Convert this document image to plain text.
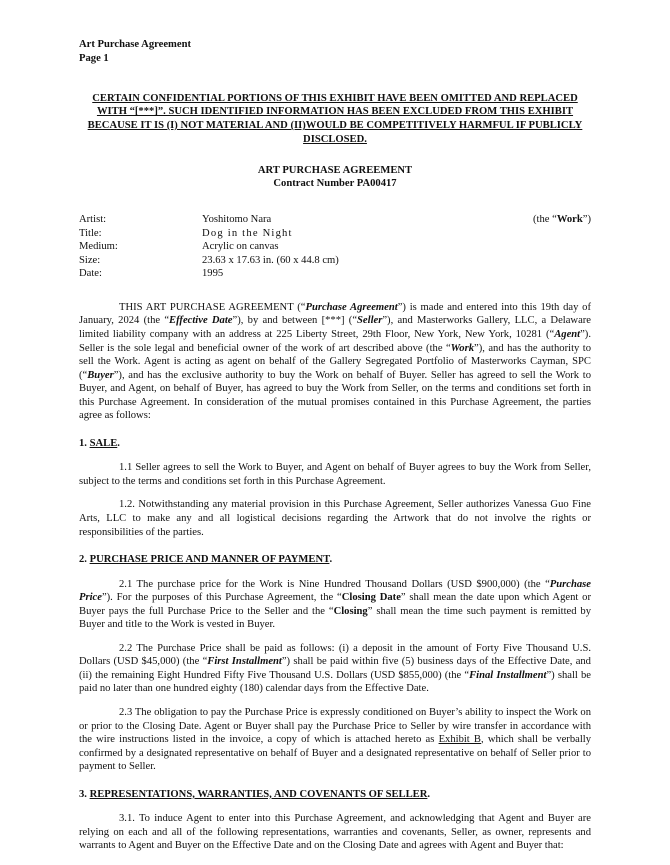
Art Purchase Agreement
Page 1
CERTAIN CONFIDENTIAL PORTIONS OF THIS EXHIBIT HAVE BEEN OMITTED AND REPLACED WITH “[***]”. SUCH IDENTIFIED INFORMATION HAS BEEN EXCLUDED FROM THIS EXHIBIT BECAUSE IT IS (I) NOT MATERIAL AND (II)WOULD BE COMPETITIVELY HARMFUL IF PUBLICLY DISCLOSED.
ART PURCHASE AGREEMENT
Contract Number PA00417
Artist:	Yoshitomo Nara	(the “Work”)
Title:	Dog in the Night	
Medium:	Acrylic on canvas	
Size:	23.63 x 17.63 in. (60 x 44.8 cm)	
Date:	1995	

THIS ART PURCHASE AGREEMENT (“Purchase Agreement”) is made and entered into this 19th day of January, 2024 (the “Effective Date”), by and between [***] (“Seller”), and Masterworks Gallery, LLC, a Delaware limited liability company with an address at 225 Liberty Street, 29th Floor, New York, New York, 10281 (“Agent”). Seller is the sole legal and beneficial owner of the work of art described above (the “Work”), and has the authority to sell the Work. Agent is acting as agent on behalf of the Gallery Segregated Portfolio of Masterworks Cayman, SPC (“Buyer”), and has the exclusive authority to buy the Work on behalf of Buyer. Seller has agreed to sell the Work to Buyer, and Agent, on behalf of Buyer, has agreed to buy the Work from Seller, on the terms and conditions set forth in this Purchase Agreement. In consideration of the mutual promises contained in this Purchase Agreement, the parties agree as follows:

1. SALE.

1.1 Seller agrees to sell the Work to Buyer, and Agent on behalf of Buyer agrees to buy the Work from Seller, subject to the terms and conditions set forth in this Purchase Agreement.

1.2. Notwithstanding any material provision in this Purchase Agreement, Seller authorizes Vanessa Guo Fine Arts, LLC to make any and all logistical decisions regarding the Artwork that do not involve the rights or responsibilities of the parties.

2. PURCHASE PRICE AND MANNER OF PAYMENT.

2.1 The purchase price for the Work is Nine Hundred Thousand Dollars (USD $900,000) (the “Purchase Price”). For the purposes of this Purchase Agreement, the “Closing Date” shall mean the date upon which Agent or Buyer pays the full Purchase Price to the Seller and the “Closing” shall mean the time such payment is remitted by Buyer and title to the Work is vested in Buyer.

2.2 The Purchase Price shall be paid as follows: (i) a deposit in the amount of Forty Five Thousand U.S. Dollars (USD $45,000) (the “First Installment”) shall be paid within five (5) business days of the Effective Date, and (ii) the remaining Eight Hundred Fifty Five Thousand U.S. Dollars (USD $855,000) (the “Final Installment”) shall be paid no later than one hundred eighty (180) calendar days from the Effective Date.

2.3 The obligation to pay the Purchase Price is expressly conditioned on Buyer’s ability to inspect the Work on or prior to the Closing Date. Agent or Buyer shall pay the Purchase Price to Seller by wire transfer in accordance with the wire instructions listed in the invoice, a copy of which is attached hereto as Exhibit B, which shall be verbally confirmed by a designated representative on behalf of Buyer and a designated representative on behalf of Seller prior to payment to Seller.

3. REPRESENTATIONS, WARRANTIES, AND COVENANTS OF SELLER.

3.1. To induce Agent to enter into this Purchase Agreement, and acknowledging that Agent and Buyer are relying on each and all of the following representations, warranties and covenants, Seller, as owner, represents and warrants to Agent and Buyer on the Effective Date and on the Closing Date and agrees with Agent and Buyer that:
